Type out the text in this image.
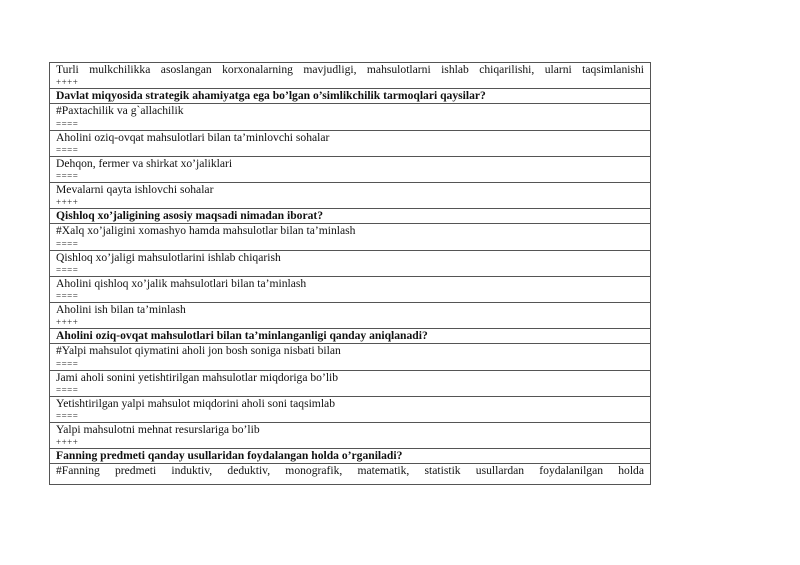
Turli mulkchilikka asoslangan korxonalarning mavjudligi, mahsulotlarni ishlab chiqarilishi, ularni taqsimlanishi
++++

Davlat miqyosida strategik ahamiyatga ega bo’lgan o’simlikchilik tarmoqlari qaysilar?
#Paxtachilik va g`allachilik
====

Aholini oziq-ovqat mahsulotlari bilan ta’minlovchi sohalar
====

Dehqon, fermer va shirkat xo’jaliklari
====

Mevalarni qayta ishlovchi sohalar
++++

Qishloq xo’jaligining asosiy maqsadi nimadan iborat?
#Xalq xo’jaligini xomashyo hamda mahsulotlar bilan ta’minlash
====

Qishloq xo’jaligi mahsulotlarini ishlab chiqarish
====

Aholini qishloq xo’jalik mahsulotlari bilan ta’minlash
====

Aholini ish bilan ta’minlash
++++

Aholini oziq-ovqat mahsulotlari bilan ta’minlanganligi qanday aniqlanadi?
#Yalpi mahsulot qiymatini aholi jon bosh soniga nisbati bilan
====

Jami aholi sonini yetishtirilgan mahsulotlar miqdoriga bo’lib
====

Yetishtirilgan yalpi mahsulot miqdorini aholi soni taqsimlab
====

Yalpi mahsulotni mehnat resurslariga bo’lib
++++

Fanning predmeti qanday usullaridan foydalangan holda o’rganiladi?
#Fanning predmeti induktiv, deduktiv, monografik, matematik, statistik usullardan foydalanilgan holda
